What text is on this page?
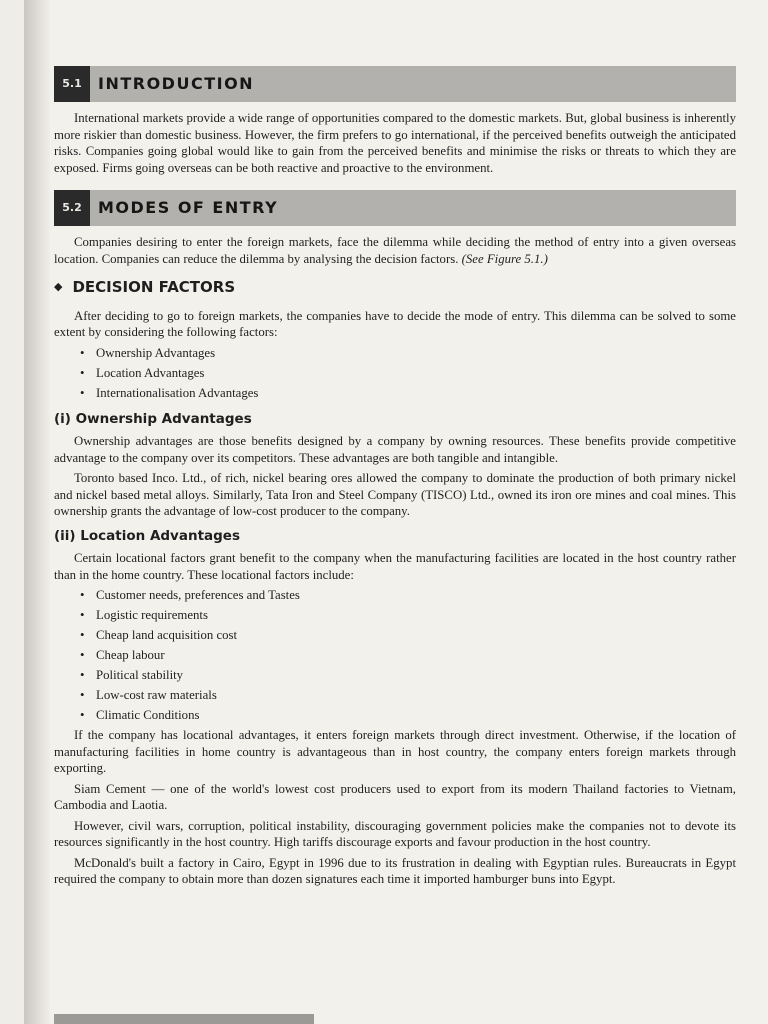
5.1	INTRODUCTION

International markets provide a wide range of opportunities compared to the domestic markets. But, global business is inherently more riskier than domestic business. However, the firm prefers to go international, if the perceived benefits outweigh the anticipated risks. Companies going global would like to gain from the perceived benefits and minimise the risks or threats to which they are exposed. Firms going overseas can be both reactive and proactive to the environment.

5.2	MODES OF ENTRY

Companies desiring to enter the foreign markets, face the dilemma while deciding the method of entry into a given overseas location. Companies can reduce the dilemma by analysing the decision factors. (See Figure 5.1.)

◆ DECISION FACTORS

After deciding to go to foreign markets, the companies have to decide the mode of entry. This dilemma can be solved to some extent by considering the following factors:

• Ownership Advantages
• Location Advantages
• Internationalisation Advantages
(i) Ownership Advantages

Ownership advantages are those benefits designed by a company by owning resources. These benefits provide competitive advantage to the company over its competitors. These advantages are both tangible and intangible.

Toronto based Inco. Ltd., of rich, nickel bearing ores allowed the company to dominate the production of both primary nickel and nickel based metal alloys. Similarly, Tata Iron and Steel Company (TISCO) Ltd., owned its iron ore mines and coal mines. This ownership grants the advantage of low-cost producer to the company.

(ii) Location Advantages

Certain locational factors grant benefit to the company when the manufacturing facilities are located in the host country rather than in the home country. These locational factors include:

• Customer needs, preferences and Tastes
• Logistic requirements
• Cheap land acquisition cost
• Cheap labour
• Political stability
• Low-cost raw materials
• Climatic Conditions

If the company has locational advantages, it enters foreign markets through direct investment. Otherwise, if the location of manufacturing facilities in home country is advantageous than in host country, the company enters foreign markets through exporting.

Siam Cement — one of the world's lowest cost producers used to export from its modern Thailand factories to Vietnam, Cambodia and Laotia.

However, civil wars, corruption, political instability, discouraging government policies make the companies not to devote its resources significantly in the host country. High tariffs discourage exports and favour production in the host country.

McDonald's built a factory in Cairo, Egypt in 1996 due to its frustration in dealing with Egyptian rules. Bureaucrats in Egypt required the company to obtain more than dozen signatures each time it imported hamburger buns into Egypt.
